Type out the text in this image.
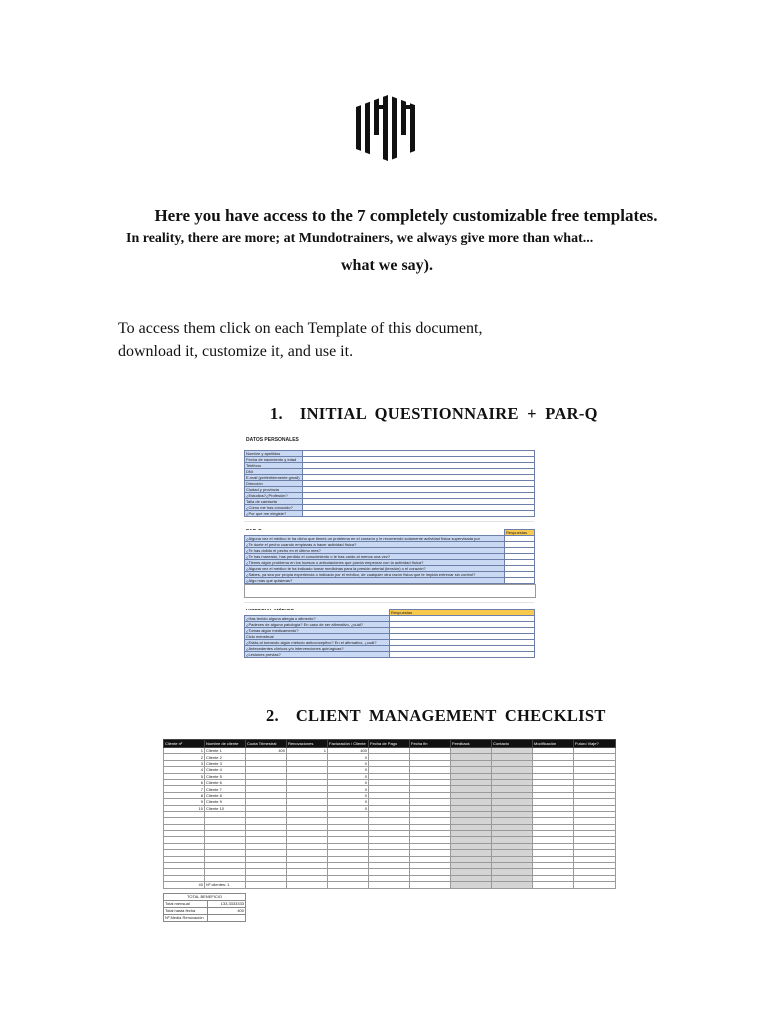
Here you have access to the 7 completely customizable free templates.
In reality, there are more; at Mundotrainers, we always give more than what...
what we say).
To access them click on each Template of this document,
download it, customize it, and use it.
1. INITIAL QUESTIONNAIRE + PAR-Q
DATOS PERSONALES
Nombre y apellidos	
Fecha de nacimiento y edad	
Teléfono	
DNI	
E-mail (preferiblemente gmail)	
Dirección	
Ciudad y provincia	
¿Estudios?¿Profesión?	
Talla de camiseta	
¿Cómo me has conocido?	
¿Por qué me elegiste?	
	Respuestas
¿Alguna vez el médico le ha dicho que tienes un problema en el corazón y le recomendó solamente actividad física supervisada por	
¿Te duele el pecho cuando empiezas a hacer actividad física?	
¿Te has dolido el pecho en el último mes?	
¿Te has mareado, has perdido el conocimiento o te has caído al menos una vez?	
¿Tienes algún problema en los huesos o articulaciones que pueda empeorar con la actividad física?	
¿Alguna vez el médico te ha indicado tomar medicinas para la presión arterial (tensión) o el corazón?	
¿Sabes, ya sea por propia experiencia o indicado por el médico, de cualquier otra razón física que te impida entrenar sin control?	
¿Algo más que quisieras?	
	Respuestas
¿Has tenido alguna alergia o alimento?	
¿Padeces de alguna patología? En caso de ser afirmativo, ¿cuál?	
¿Tomas algún medicamento?	
Ciclo menstrual	
¿Estás al tomando algún método anticonceptivo? En el afirmativo, ¿cuál?	
¿Antecedentes clínicos y/o intervenciones quirúrgicas?	
¿Lesiones previas?	
2. CLIENT MANAGEMENT CHECKLIST
Cliente nº	Nombre de cliente	Cuota Trimestral	Renovaciones	Facturación / Cliente	Fecha de Pago	Fecha fin	Feedback	Contacto	Modificación	Futuro Viaje?
1	Cliente 1	400	1	400						
2	Cliente 2			0						
3	Cliente 3			0						
4	Cliente 4			0						
5	Cliente 5			0						
6	Cliente 6			0						
7	Cliente 7			0						
8	Cliente 8			0						
9	Cliente 9			0						
10	Cliente 10			0						

40	Nº clientes: 1									
TOTAL BENEFICIO	
Total mensual	133,3333333
Total hasta fecha	400
Nº Media Renovación	
